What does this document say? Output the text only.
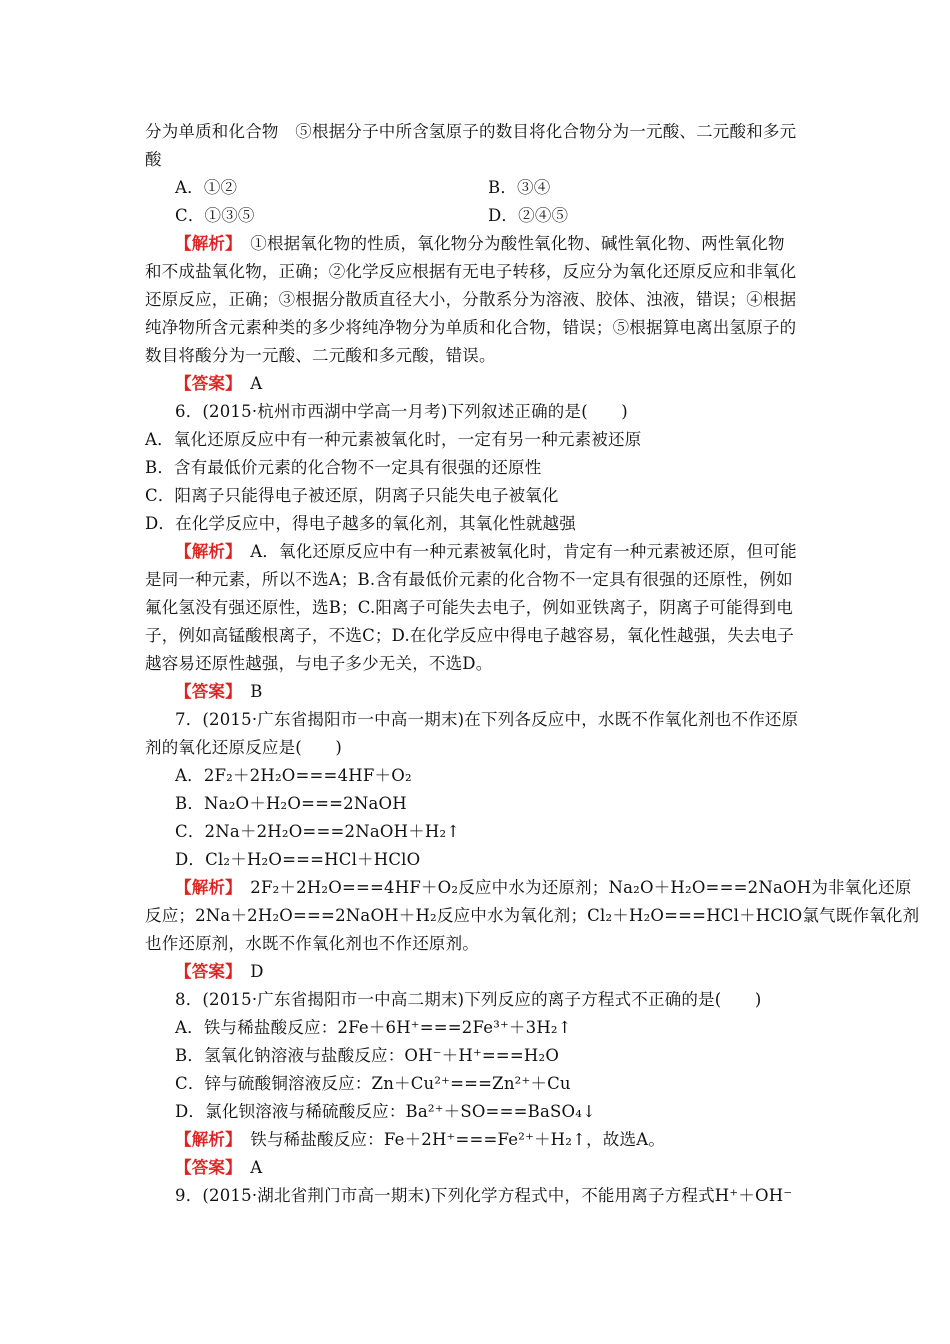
分为单质和化合物　⑤根据分子中所含氢原子的数目将化合物分为一元酸、二元酸和多元
酸
A．①②	B．③④
C．①③⑤	D．②④⑤
【解析】　①根据氧化物的性质，氧化物分为酸性氧化物、碱性氧化物、两性氧化物
和不成盐氧化物，正确；②化学反应根据有无电子转移，反应分为氧化还原反应和非氧化
还原反应，正确；③根据分散质直径大小，分散系分为溶液、胶体、浊液，错误；④根据
纯净物所含元素种类的多少将纯净物分为单质和化合物，错误；⑤根据算电离出氢原子的
数目将酸分为一元酸、二元酸和多元酸，错误。
【答案】　A
6．(2015·杭州市西湖中学高一月考)下列叙述正确的是(　　)
A．氧化还原反应中有一种元素被氧化时，一定有另一种元素被还原
B．含有最低价元素的化合物不一定具有很强的还原性
C．阳离子只能得电子被还原，阴离子只能失电子被氧化
D．在化学反应中，得电子越多的氧化剂，其氧化性就越强
【解析】　A．氧化还原反应中有一种元素被氧化时，肯定有一种元素被还原，但可能
是同一种元素，所以不选A；B.含有最低价元素的化合物不一定具有很强的还原性，例如
氟化氢没有强还原性，选B；C.阳离子可能失去电子，例如亚铁离子，阴离子可能得到电
子，例如高锰酸根离子，不选C；D.在化学反应中得电子越容易，氧化性越强，失去电子
越容易还原性越强，与电子多少无关，不选D。
【答案】　B
7．(2015·广东省揭阳市一中高一期末)在下列各反应中，水既不作氧化剂也不作还原
剂的氧化还原反应是(　　)
A．2F₂＋2H₂O===4HF＋O₂
B．Na₂O＋H₂O===2NaOH
C．2Na＋2H₂O===2NaOH＋H₂↑
D．Cl₂＋H₂O===HCl＋HClO
【解析】　2F₂＋2H₂O===4HF＋O₂反应中水为还原剂；Na₂O＋H₂O===2NaOH为非氧化还原
反应；2Na＋2H₂O===2NaOH＋H₂反应中水为氧化剂；Cl₂＋H₂O===HCl＋HClO氯气既作氧化剂
也作还原剂，水既不作氧化剂也不作还原剂。
【答案】　D
8．(2015·广东省揭阳市一中高二期末)下列反应的离子方程式不正确的是(　　)
A．铁与稀盐酸反应：2Fe＋6H⁺===2Fe³⁺＋3H₂↑
B．氢氧化钠溶液与盐酸反应：OH⁻＋H⁺===H₂O
C．锌与硫酸铜溶液反应：Zn＋Cu²⁺===Zn²⁺＋Cu
D．氯化钡溶液与稀硫酸反应：Ba²⁺＋SO===BaSO₄↓
【解析】　铁与稀盐酸反应：Fe＋2H⁺===Fe²⁺＋H₂↑，故选A。
【答案】　A
9．(2015·湖北省荆门市高一期末)下列化学方程式中，不能用离子方程式H⁺＋OH⁻
